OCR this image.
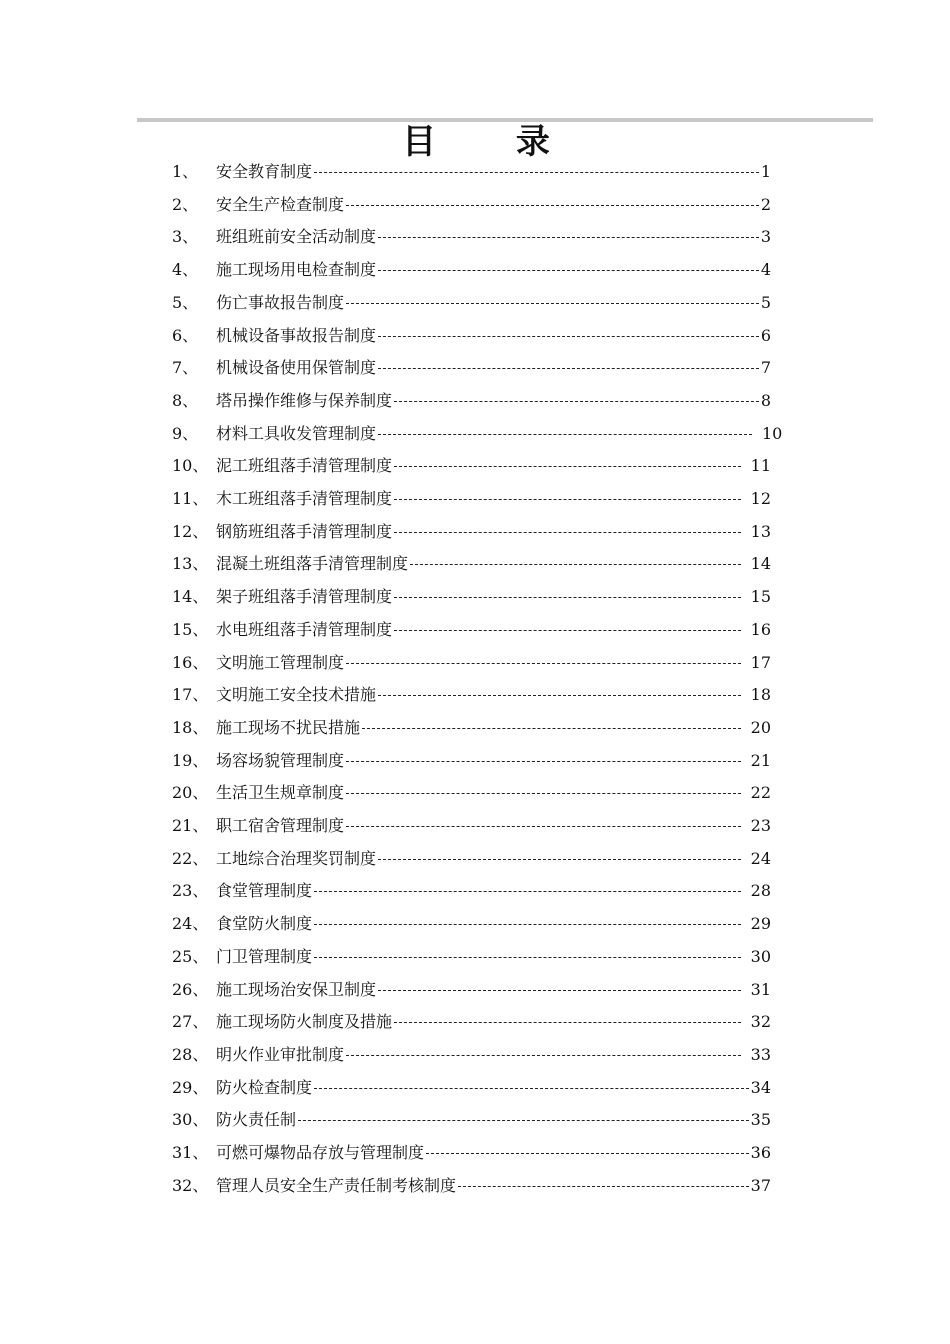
目 录
1、 安全教育制度	1
2、 安全生产检查制度	2
3、 班组班前安全活动制度	3
4、 施工现场用电检查制度	4
5、 伤亡事故报告制度	5
6、 机械设备事故报告制度	6
7、 机械设备使用保管制度	7
8、 塔吊操作维修与保养制度	8
9、 材料工具收发管理制度	10
10、 泥工班组落手清管理制度	11
11、 木工班组落手清管理制度	12
12、 钢筋班组落手清管理制度	13
13、 混凝土班组落手清管理制度	14
14、 架子班组落手清管理制度	15
15、 水电班组落手清管理制度	16
16、 文明施工管理制度	17
17、 文明施工安全技术措施	18
18、 施工现场不扰民措施	20
19、 场容场貌管理制度	21
20、 生活卫生规章制度	22
21、 职工宿舍管理制度	23
22、 工地综合治理奖罚制度	24
23、 食堂管理制度	28
24、 食堂防火制度	29
25、 门卫管理制度	30
26、 施工现场治安保卫制度	31
27、 施工现场防火制度及措施	32
28、 明火作业审批制度	33
29、 防火检查制度	34
30、 防火责任制	35
31、 可燃可爆物品存放与管理制度	36
32、 管理人员安全生产责任制考核制度	37
